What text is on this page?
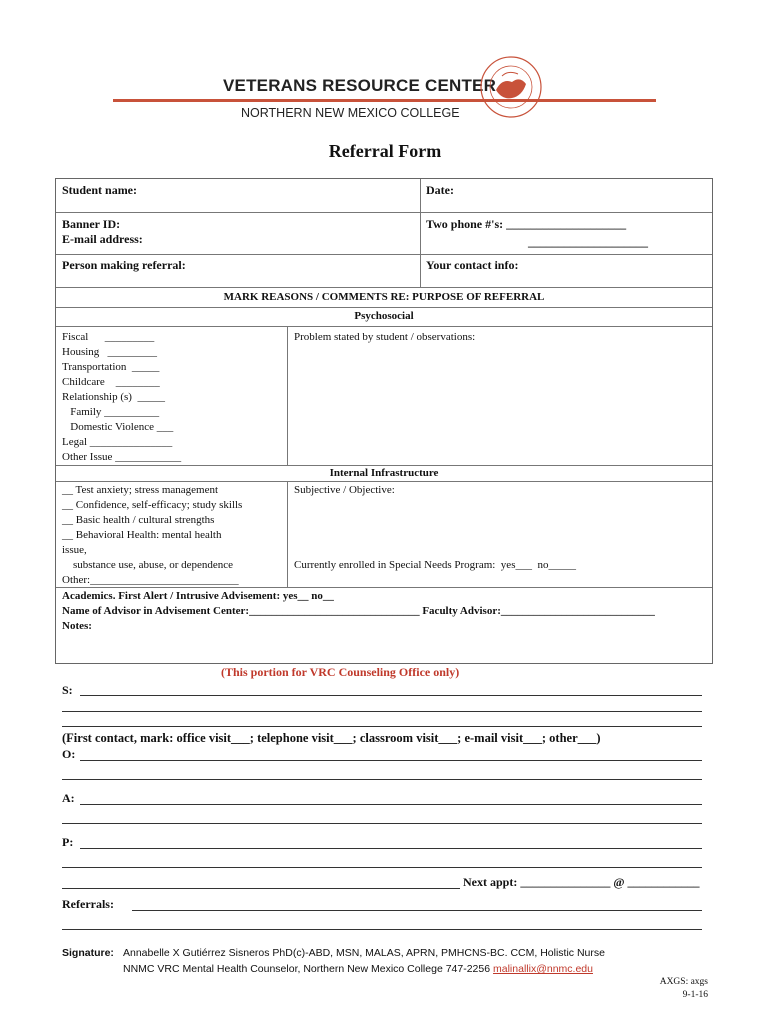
VETERANS RESOURCE CENTER
NORTHERN NEW MEXICO COLLEGE
Referral Form
Student name:	Date:
Banner ID:
E-mail address:
Two phone #'s: ____________________
____________________
Person making referral:	Your contact info:
MARK REASONS / COMMENTS RE: PURPOSE OF REFERRAL
Psychosocial
Fiscal      _________
Housing   _________
Transportation  _____
Childcare    ________
Relationship (s)  _____
Family __________
Domestic Violence ___
Legal _______________
Other Issue ____________
Problem stated by student / observations:
Internal Infrastructure
__ Test anxiety; stress management
__ Confidence, self-efficacy; study skills
__ Basic health / cultural strengths
__ Behavioral Health: mental health
issue,
substance use, abuse, or dependence
Other:___________________________
Subjective / Objective:
Currently enrolled in Special Needs Program:  yes___  no_____
Academics. First Alert / Intrusive Advisement: yes__ no__
Name of Advisor in Advisement Center:_______________________________ Faculty Advisor:____________________________
Notes:
(This portion for VRC Counseling Office only)
S:
(First contact, mark: office visit___; telephone visit___; classroom visit___; e-mail visit___; other___)
O:
A:
P:
Next appt: _______________ @ ____________
Referrals:
Signature: Annabelle X Gutiérrez Sisneros PhD(c)-ABD, MSN, MALAS, APRN, PMHCNS-BC. CCM, Holistic Nurse
NNMC VRC Mental Health Counselor, Northern New Mexico College 747-2256 malinallix@nnmc.edu
AXGS: axgs
9-1-16
